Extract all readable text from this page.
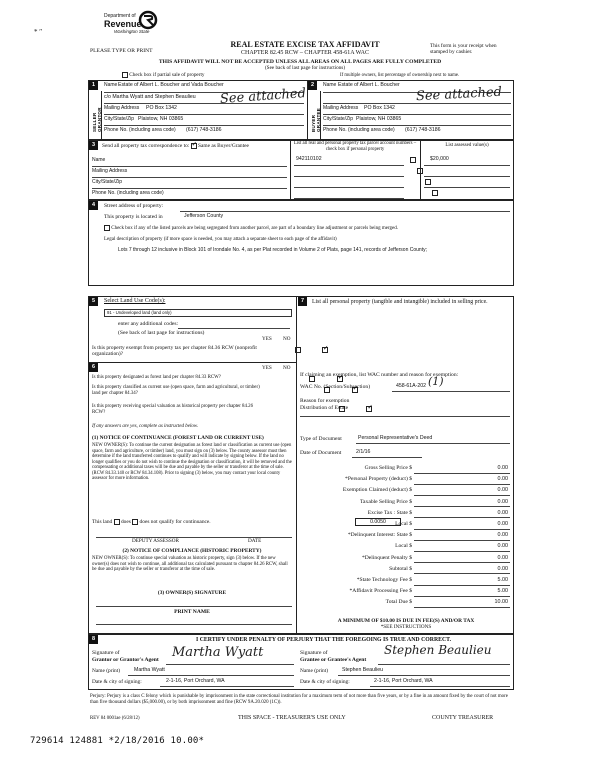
* ″
Department of
Revenue
Washington State
PLEASE TYPE OR PRINT
REAL ESTATE EXCISE TAX AFFIDAVIT
CHAPTER 82.45 RCW – CHAPTER 458-61A WAC
This form is your receipt when stamped by cashier.
THIS AFFIDAVIT WILL NOT BE ACCEPTED UNLESS ALL AREAS ON ALL PAGES ARE FULLY COMPLETED
(See back of last page for instructions)
Check box if partial sale of property	If multiple owners, list percentage of ownership next to name.
1
SELLER GRANTOR
Name Estate of Albert L. Boucher and Vada Boucher
c/o Martha Wyatt and Stephen Beaulieu
Mailing Address PO Box 1342
City/State/Zip Plaistow, NH 03865
Phone No. (including area code) (617) 748-3186
See attached
2
BUYER GRANTEE
Name Estate of Albert L. Boucher
Mailing Address PO Box 1342
City/State/Zip Plaistow, NH 03865
Phone No. (including area code) (617) 748-3186
See attached
3	Send all property tax correspondence to: ✓ Same as Buyer/Grantee	List all real and personal property tax parcel account numbers – check box if personal property
List assessed value(s)
Name
Mailing Address
City/State/Zip
Phone No. (including area code)
942110102	$20,000

4	Street address of property:
This property is located in	Jefferson County
Check box if any of the listed parcels are being segregated from another parcel, are part of a boundary line adjustment or parcels being merged.
Legal description of property (if more space is needed, you may attach a separate sheet to each page of the affidavit)
Lots 7 through 12 inclusive in Block 101 of Irondale No. 4, as per Plat recorded in Volume 2 of Plats, page 141, records of Jefferson County;
5	Select Land Use Code(s):
91 - Undeveloped land (land only)
enter any additional codes:
(See back of last page for instructions)
YES NO
Is this property exempt from property tax per chapter 84.36 RCW (nonprofit organization)?
✓
6	YES NO
Is this property designated as forest land per chapter 84.33 RCW?
✓
Is this property classified as current use (open space, farm and agricultural, or timber) land per chapter 84.34?
✓
Is this property receiving special valuation as historical property per chapter 84.26 RCW?
✓
If any answers are yes, complete as instructed below.
(1) NOTICE OF CONTINUANCE (FOREST LAND OR CURRENT USE)
NEW OWNER(S): To continue the current designation as forest land or classification as current use (open space, farm and agriculture, or timber) land, you must sign on (3) below. The county assessor must then determine if the land transferred continues to qualify and will indicate by signing below. If the land no longer qualifies or you do not wish to continue the designation or classification, it will be removed and the compensating or additional taxes will be due and payable by the seller or transferor at the time of sale. (RCW 84.33.140 or RCW 84.34.108). Prior to signing (3) below, you may contact your local county assessor for more information.
This land does does not qualify for continuance.
DEPUTY ASSESSOR	DATE
(2) NOTICE OF COMPLIANCE (HISTORIC PROPERTY)
NEW OWNER(S): To continue special valuation as historic property, sign (3) below. If the new owner(s) does not wish to continue, all additional tax calculated pursuant to chapter 84.26 RCW, shall be due and payable by the seller or transferor at the time of sale.
(3) OWNER(S) SIGNATURE
PRINT NAME
7	List all personal property (tangible and intangible) included in selling price.
If claiming an exemption, list WAC number and reason for exemption:
WAC No. (Section/Subsection)	458-61A-202 (1)
Reason for exemption
Distribution of Estate
Type of Document	Personal Representative's Deed
Date of Document	2/1/16
Gross Selling Price $	0.00
*Personal Property (deduct) $	0.00
Exemption Claimed (deduct) $	0.00
Taxable Selling Price $	0.00
Excise Tax : State $	0.00
Local $	0.00
*Delinquent Interest: State $	0.00
Local $	0.00
*Delinquent Penalty $	0.00
Subtotal $	0.00
*State Technology Fee $	5.00
*Affidavit Processing Fee $	5.00
Total Due $	10.00
0.0050
A MINIMUM OF $10.00 IS DUE IN FEE(S) AND/OR TAX
*SEE INSTRUCTIONS
8	I CERTIFY UNDER PENALTY OF PERJURY THAT THE FOREGOING IS TRUE AND CORRECT.
Signature of
Grantor or Grantor's Agent Martha Wyatt
Name (print)	Martha Wyatt
Date & city of signing:	2-1-16, Port Orchard, WA
Signature of
Grantee or Grantee's Agent
Stephen Beaulieu
Name (print)	Stephen Beaulieu
Date & city of signing:	2-1-16, Port Orchard, WA
Perjury: Perjury is a class C felony which is punishable by imprisonment in the state correctional institution for a maximum term of not more than five years, or by a fine in an amount fixed by the court of not more than five thousand dollars ($5,000.00), or by both imprisonment and fine (RCW 9A.20.020 (1C)).
REV 84 0001ae (6/28/12)	THIS SPACE - TREASURER'S USE ONLY	COUNTY TREASURER
729614 124881 *2/18/2016 10.00*
